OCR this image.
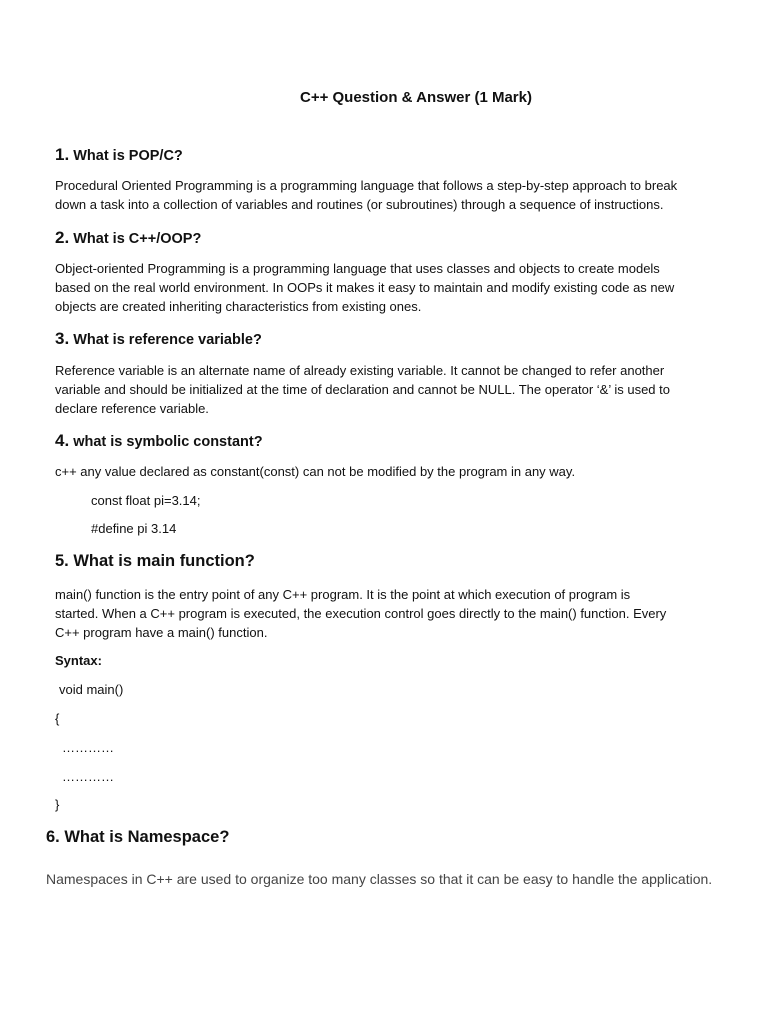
C++ Question & Answer (1 Mark)
1. What is POP/C?
Procedural Oriented Programming is a programming language that follows a step-by-step approach to break
down a task into a collection of variables and routines (or subroutines) through a sequence of instructions.
2. What is C++/OOP?
Object-oriented Programming is a programming language that uses classes and objects to create models
based on the real world environment. In OOPs it makes it easy to maintain and modify existing code as new
objects are created inheriting characteristics from existing ones.
3. What is reference variable?
Reference variable is an alternate name of already existing variable. It cannot be changed to refer another
variable and should be initialized at the time of declaration and cannot be NULL. The operator ‘&’ is used to
declare reference variable.
4. what is symbolic constant?
c++ any value declared as constant(const) can not be modified by the program in any way.
const float pi=3.14;
#define pi 3.14
5. What is main function?
main() function is the entry point of any C++ program. It is the point at which execution of program is
started. When a C++ program is executed, the execution control goes directly to the main() function. Every
C++ program have a main() function.
Syntax:
void main()
{
…………
…………
}
6. What is Namespace?
Namespaces in C++ are used to organize too many classes so that it can be easy to handle the application.
